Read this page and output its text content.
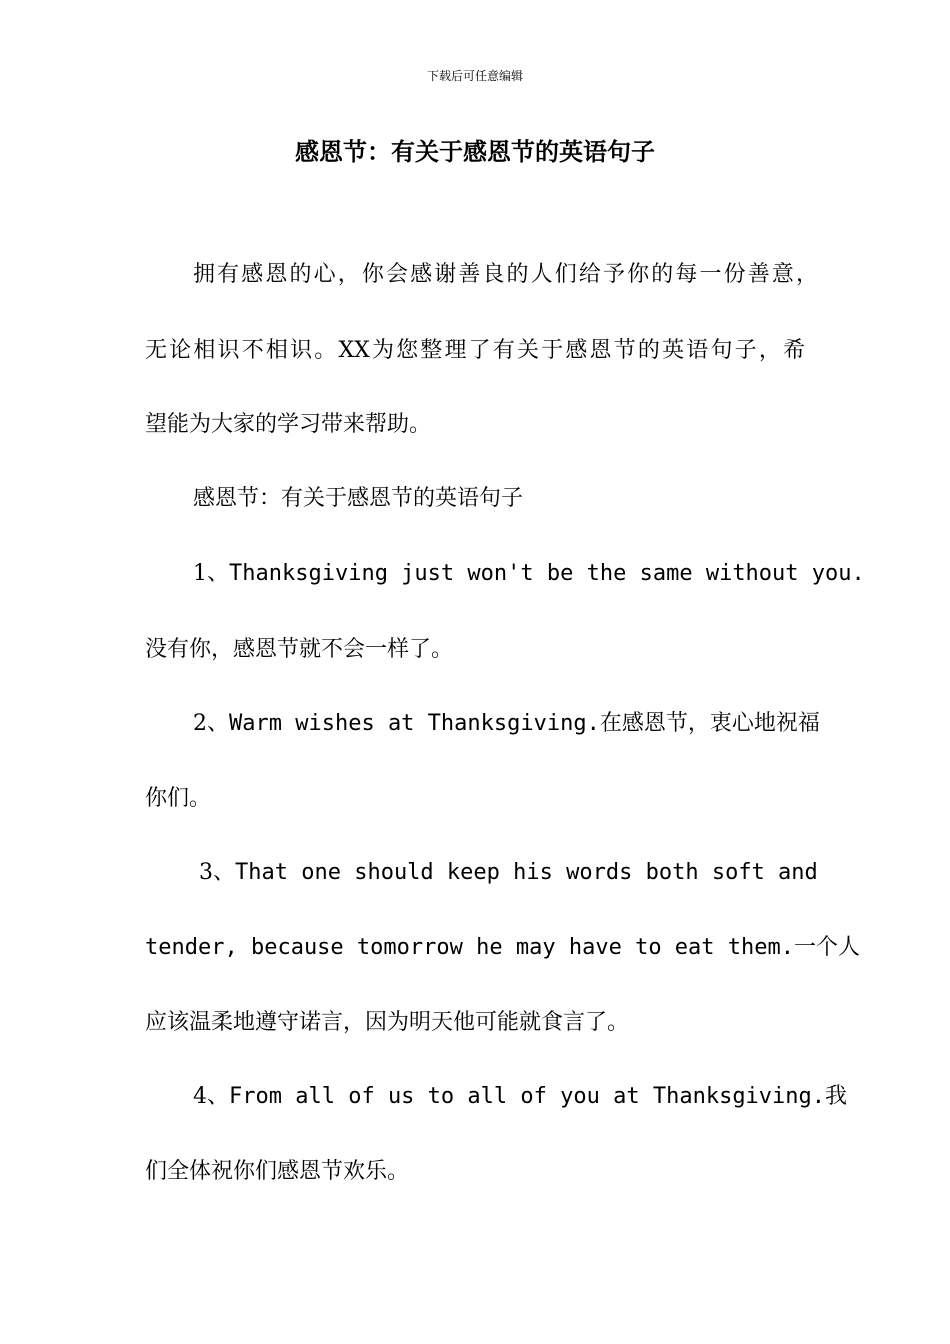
下载后可任意编辑
感恩节：有关于感恩节的英语句子
拥有感恩的心，你会感谢善良的人们给予你的每一份善意，
无论相识不相识。XX为您整理了有关于感恩节的英语句子，希
望能为大家的学习带来帮助。
感恩节：有关于感恩节的英语句子
1、Thanksgiving just won't be the same without you.
没有你，感恩节就不会一样了。
2、Warm wishes at Thanksgiving.在感恩节，衷心地祝福
你们。
3、That one should keep his words both soft and
tender, because tomorrow he may have to eat them.一个人
应该温柔地遵守诺言，因为明天他可能就食言了。
4、From all of us to all of you at Thanksgiving.我
们全体祝你们感恩节欢乐。
